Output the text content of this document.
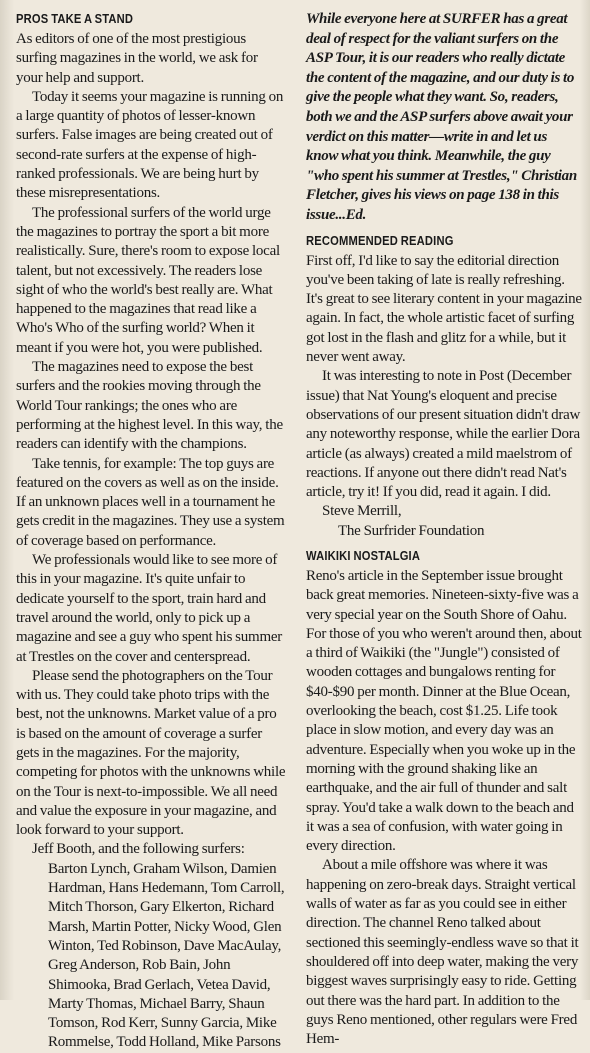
PROS TAKE A STAND

As editors of one of the most prestigious surfing magazines in the world, we ask for your help and support.

Today it seems your magazine is running on a large quantity of photos of lesser-known surfers. False images are being created out of second-rate surfers at the expense of high-ranked professionals. We are being hurt by these misrepresentations.

The professional surfers of the world urge the magazines to portray the sport a bit more realistically. Sure, there's room to expose local talent, but not excessively. The readers lose sight of who the world's best really are. What happened to the magazines that read like a Who's Who of the surfing world? When it meant if you were hot, you were published.

The magazines need to expose the best surfers and the rookies moving through the World Tour rankings; the ones who are performing at the highest level. In this way, the readers can identify with the champions.

Take tennis, for example: The top guys are featured on the covers as well as on the inside. If an unknown places well in a tournament he gets credit in the magazines. They use a system of coverage based on performance.

We professionals would like to see more of this in your magazine. It's quite unfair to dedicate yourself to the sport, train hard and travel around the world, only to pick up a magazine and see a guy who spent his summer at Trestles on the cover and centerspread.

Please send the photographers on the Tour with us. They could take photo trips with the best, not the unknowns. Market value of a pro is based on the amount of coverage a surfer gets in the magazines. For the majority, competing for photos with the unknowns while on the Tour is next-to-impossible. We all need and value the exposure in your magazine, and look forward to your support.

Jeff Booth, and the following surfers: Barton Lynch, Graham Wilson, Damien Hardman, Hans Hedemann, Tom Carroll, Mitch Thorson, Gary Elkerton, Richard Marsh, Martin Potter, Nicky Wood, Glen Winton, Ted Robinson, Dave MacAulay, Greg Anderson, Rob Bain, John Shimooka, Brad Gerlach, Vetea David, Marty Thomas, Michael Barry, Shaun Tomson, Rod Kerr, Sunny Garcia, Mike Rommelse, Todd Holland, Mike Parsons

While everyone here at SURFER has a great deal of respect for the valiant surfers on the ASP Tour, it is our readers who really dictate the content of the magazine, and our duty is to give the people what they want. So, readers, both we and the ASP surfers above await your verdict on this matter—write in and let us know what you think. Meanwhile, the guy "who spent his summer at Trestles," Christian Fletcher, gives his views on page 138 in this issue...Ed.

RECOMMENDED READING

First off, I'd like to say the editorial direction you've been taking of late is really refreshing. It's great to see literary content in your magazine again. In fact, the whole artistic facet of surfing got lost in the flash and glitz for a while, but it never went away.

It was interesting to note in Post (December issue) that Nat Young's eloquent and precise observations of our present situation didn't draw any noteworthy response, while the earlier Dora article (as always) created a mild maelstrom of reactions. If anyone out there didn't read Nat's article, try it! If you did, read it again. I did.

Steve Merrill,

The Surfrider Foundation

WAIKIKI NOSTALGIA

Reno's article in the September issue brought back great memories. Nineteen-sixty-five was a very special year on the South Shore of Oahu. For those of you who weren't around then, about a third of Waikiki (the "Jungle") consisted of wooden cottages and bungalows renting for $40-$90 per month. Dinner at the Blue Ocean, overlooking the beach, cost $1.25. Life took place in slow motion, and every day was an adventure. Especially when you woke up in the morning with the ground shaking like an earthquake, and the air full of thunder and salt spray. You'd take a walk down to the beach and it was a sea of confusion, with water going in every direction.

About a mile offshore was where it was happening on zero-break days. Straight vertical walls of water as far as you could see in either direction. The channel Reno talked about sectioned this seemingly-endless wave so that it shouldered off into deep water, making the very biggest waves surprisingly easy to ride. Getting out there was the hard part. In addition to the guys Reno mentioned, other regulars were Fred Hem-
